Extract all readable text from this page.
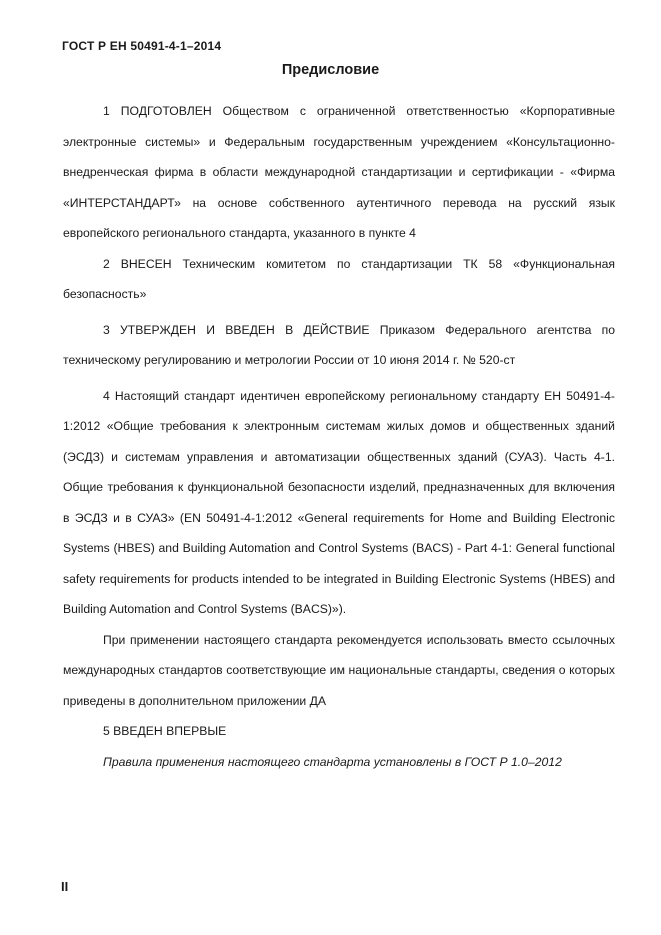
ГОСТ Р ЕН 50491-4-1–2014
Предисловие

1 ПОДГОТОВЛЕН Обществом с ограниченной ответственностью «Корпоративные электронные системы» и Федеральным государственным учреждением «Консультационно-внедренческая фирма в области международной стандартизации и сертификации - «Фирма «ИНТЕРСТАНДАРТ» на основе собственного аутентичного перевода на русский язык европейского регионального стандарта, указанного в пункте 4

2 ВНЕСЕН Техническим комитетом по стандартизации ТК 58 «Функциональная безопасность»

3 УТВЕРЖДЕН И ВВЕДЕН В ДЕЙСТВИЕ Приказом Федерального агентства по техническому регулированию и метрологии России от 10 июня 2014 г. № 520-ст

4 Настоящий стандарт идентичен европейскому региональному стандарту ЕН 50491-4-1:2012 «Общие требования к электронным системам жилых домов и общественных зданий (ЭСДЗ) и системам управления и автоматизации общественных зданий (СУАЗ). Часть 4-1. Общие требования к функциональной безопасности изделий, предназначенных для включения в ЭСДЗ и в СУАЗ» (EN 50491-4-1:2012 «General requirements for Home and Building Electronic Systems (HBES) and Building Automation and Control Systems (BACS) - Part 4-1: General functional safety requirements for products intended to be integrated in Building Electronic Systems (HBES) and Building Automation and Control Systems (BACS)»).

При применении настоящего стандарта рекомендуется использовать вместо ссылочных международных стандартов соответствующие им национальные стандарты, сведения о которых приведены в дополнительном приложении ДА

5 ВВЕДЕН ВПЕРВЫЕ

Правила применения настоящего стандарта установлены в ГОСТ Р 1.0–2012

II
